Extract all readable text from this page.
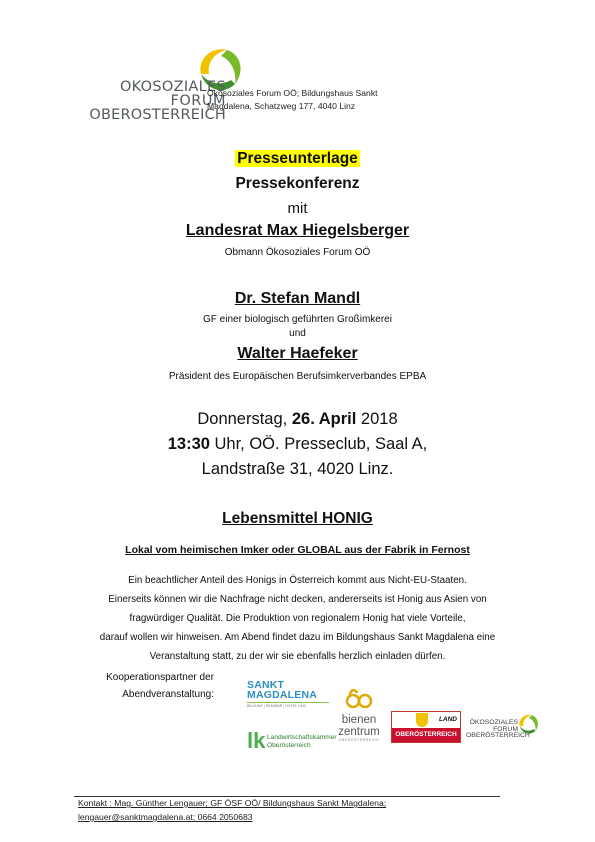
OKOSOZIALES
FORUM
OBEROSTERREICH
Ökosoziales Forum OÖ; Bildungshaus Sankt
Magdalena, Schatzweg 177, 4040 Linz
Presseunterlage
Pressekonferenz
mit
Landesrat Max Hiegelsberger
Obmann Ökosoziales Forum OÖ
Dr. Stefan Mandl
GF einer biologisch geführten Großimkerei
und
Walter Haefeker
Präsident des Europäischen Berufsimkerverbandes EPBA
Donnerstag, 26. April 2018
13:30 Uhr, OÖ. Presseclub, Saal A,
Landstraße 31, 4020 Linz.
Lebensmittel HONIG
Lokal vom heimischen Imker oder GLOBAL aus der Fabrik in Fernost
Ein beachtlicher Anteil des Honigs in Österreich kommt aus Nicht-EU-Staaten.
Einerseits können wir die Nachfrage nicht decken, andererseits ist Honig aus Asien von
fragwürdiger Qualität. Die Produktion von regionalem Honig hat viele Vorteile,
darauf wollen wir hinweisen. Am Abend findet dazu im Bildungshaus Sankt Magdalena eine
Veranstaltung statt, zu der wir sie ebenfalls herzlich einladen dürfen.
Kooperationspartner der
Abendveranstaltung:
SANKT
MAGDALENA
BILDUNG | SEMINAR | HOTEL LINZ
lk Landwirtschaftskammer
Oberösterreich
bienen
zentrum
OBERÖSTERREICH
LAND
OBERÖSTERREICH
ÖKOSOZIALES
FORUM
OBERÖSTERREICH
Kontakt : Mag. Günther Lengauer; GF ÖSF OÖ/ Bildungshaus Sankt Magdalena;
lengauer@sanktmagdalena.at; 0664 2050683
